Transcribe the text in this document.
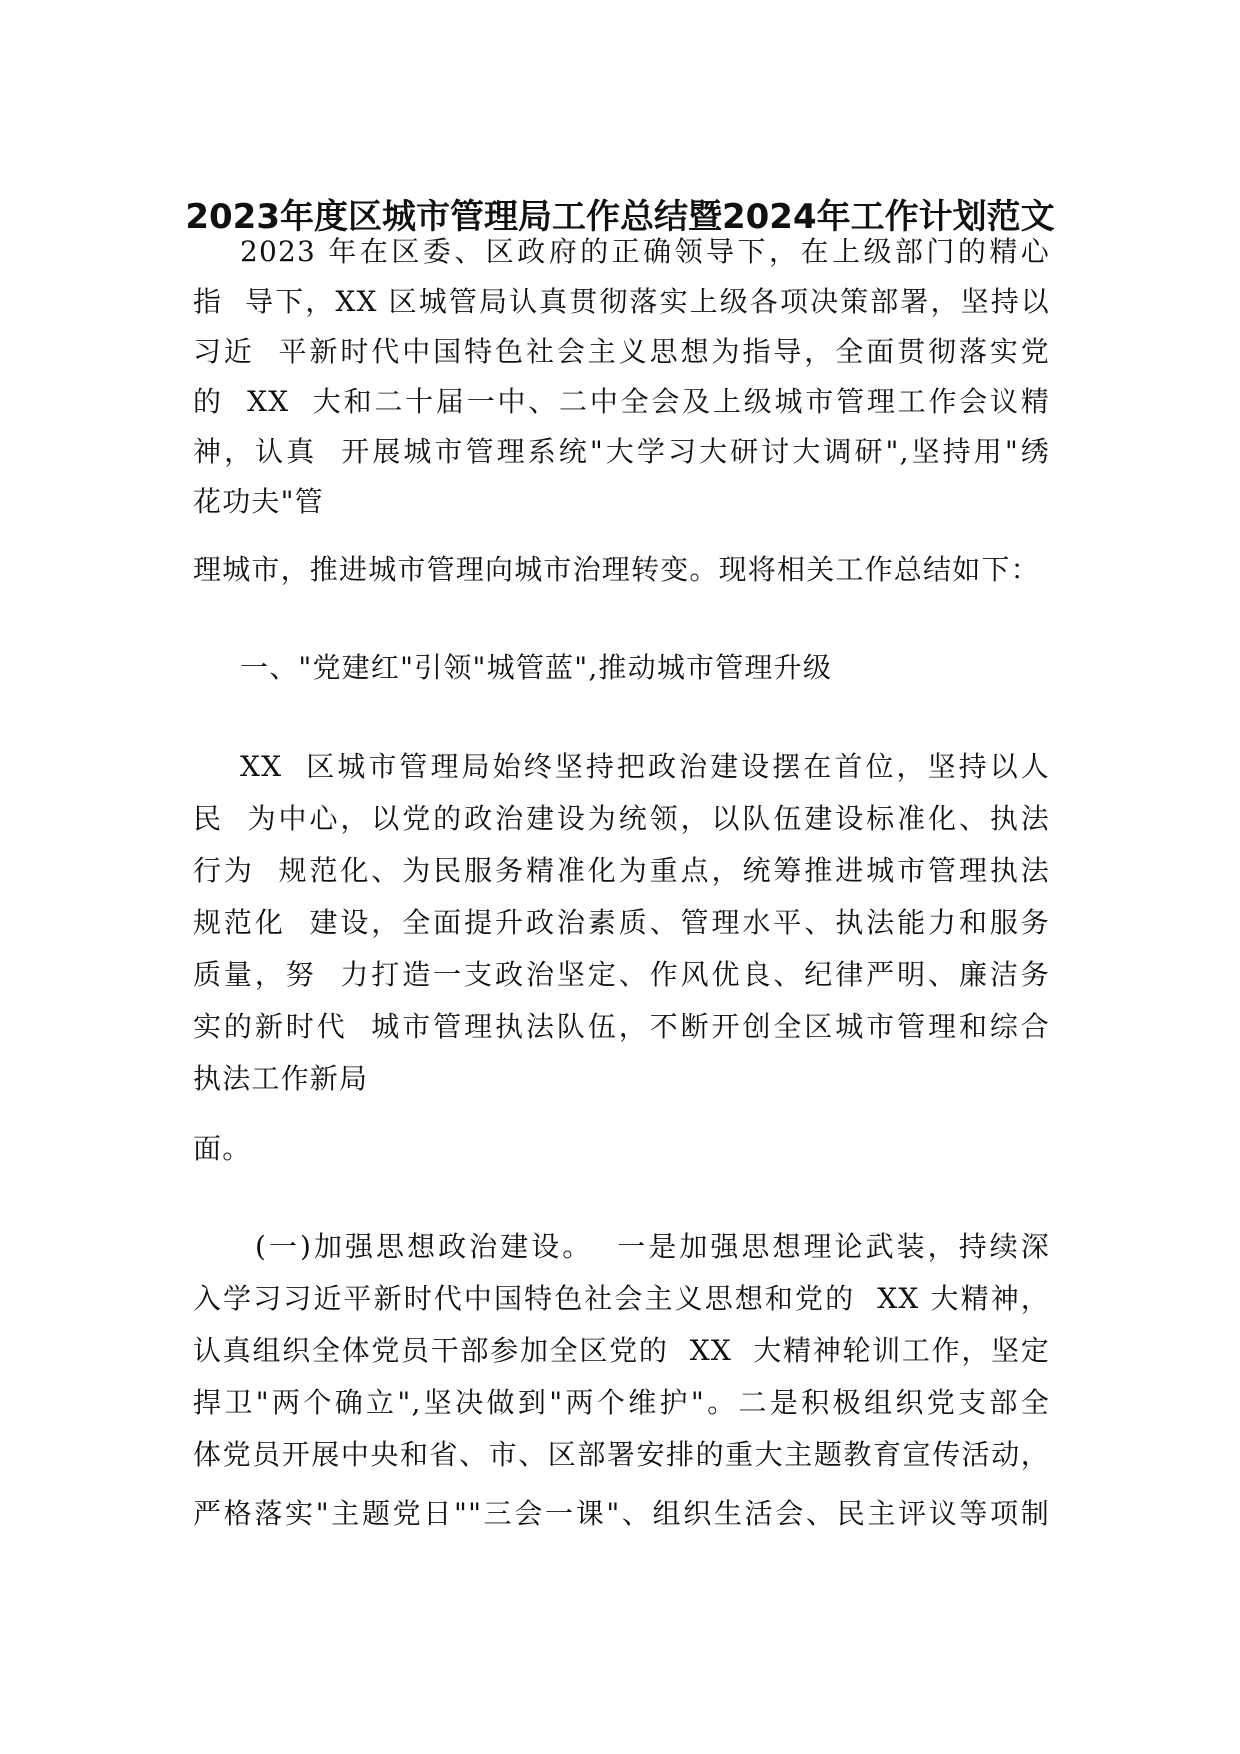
2023年度区城市管理局工作总结暨2024年工作计划范文
2023 年在区委、区政府的正确领导下，在上级部门的精心
指  导下，XX 区城管局认真贯彻落实上级各项决策部署，坚持以
习近  平新时代中国特色社会主义思想为指导，全面贯彻落实党
的  XX  大和二十届一中、二中全会及上级城市管理工作会议精
神，认真  开展城市管理系统"大学习大研讨大调研",坚持用"绣
花功夫"管
理城市，推进城市管理向城市治理转变。现将相关工作总结如下：
一、"党建红"引领"城管蓝",推动城市管理升级
XX  区城市管理局始终坚持把政治建设摆在首位，坚持以人
民  为中心，以党的政治建设为统领，以队伍建设标准化、执法
行为  规范化、为民服务精准化为重点，统筹推进城市管理执法
规范化  建设，全面提升政治素质、管理水平、执法能力和服务
质量，努  力打造一支政治坚定、作风优良、纪律严明、廉洁务
实的新时代  城市管理执法队伍，不断开创全区城市管理和综合
执法工作新局
面。
(一)加强思想政治建设。  一是加强思想理论武装，持续深
入学习习近平新时代中国特色社会主义思想和党的  XX 大精神，
认真组织全体党员干部参加全区党的  XX  大精神轮训工作，坚定
捍卫"两个确立",坚决做到"两个维护"。二是积极组织党支部全
体党员开展中央和省、市、区部署安排的重大主题教育宣传活动，
严格落实"主题党日""三会一课"、组织生活会、民主评议等项制
